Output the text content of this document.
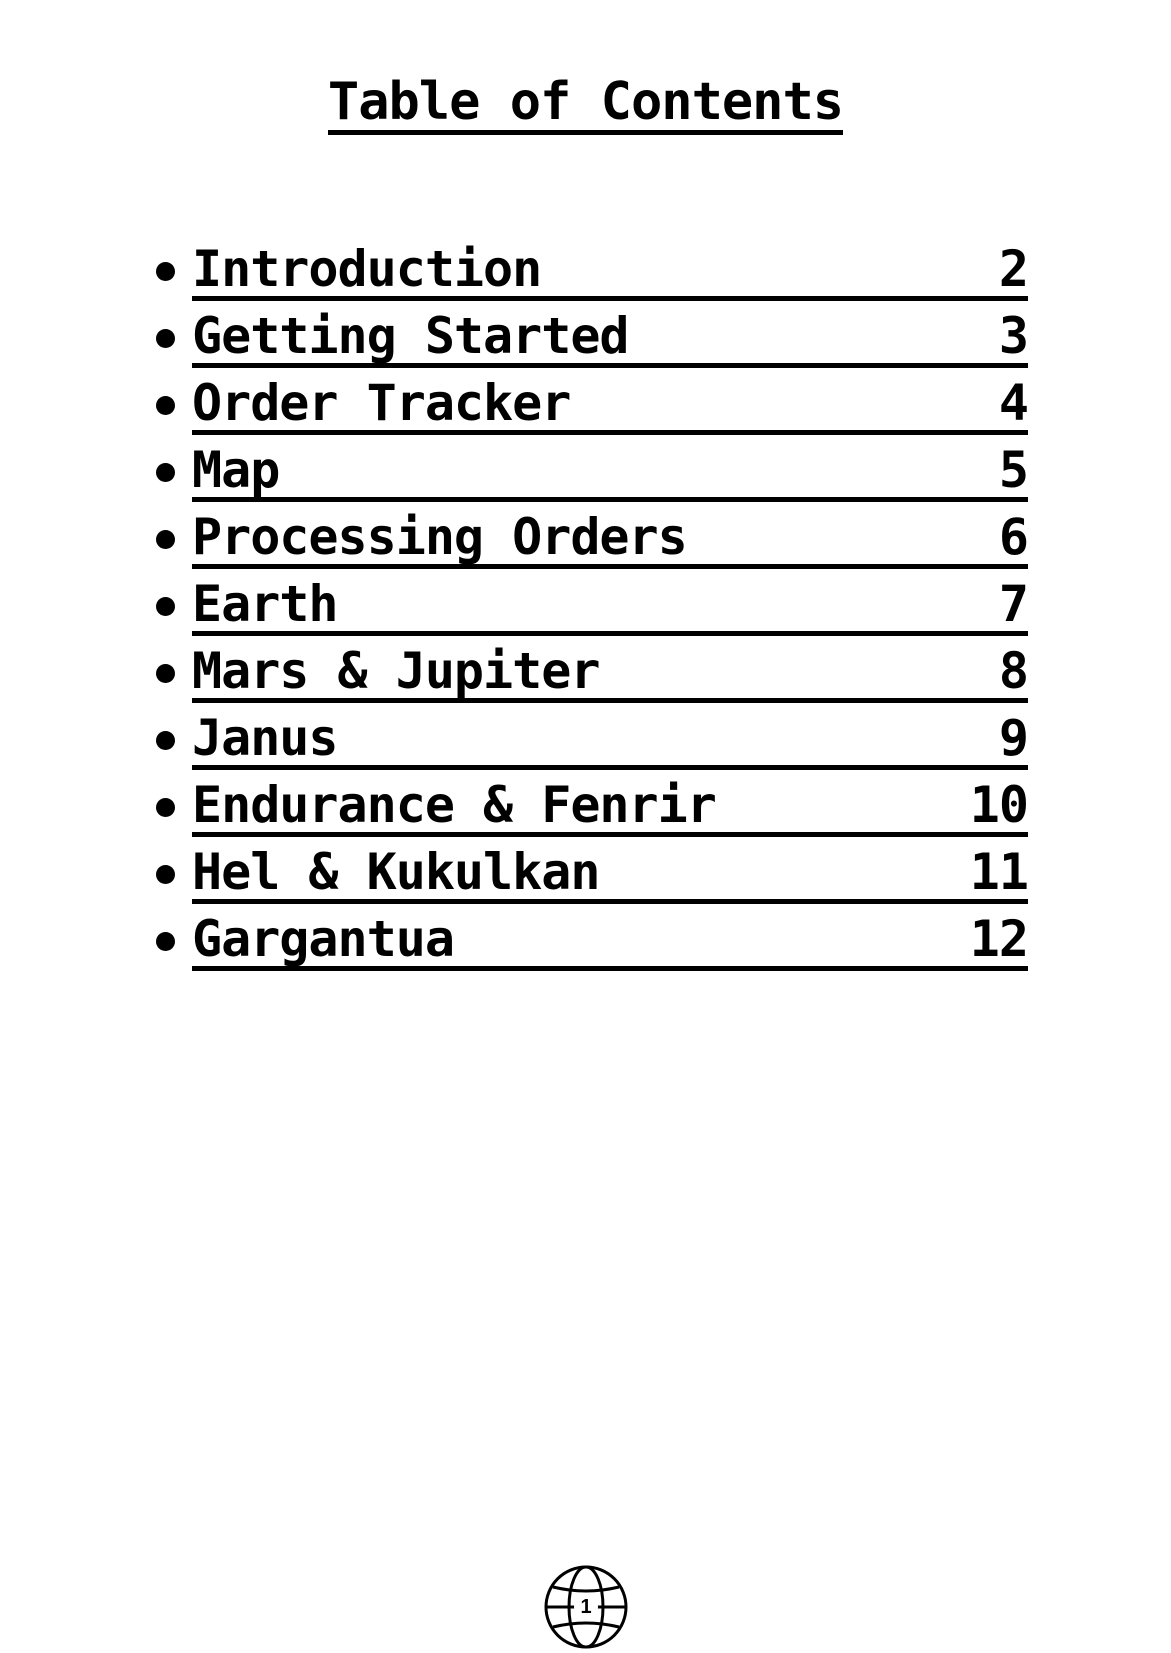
Table of Contents
Introduction	2
Getting Started	3
Order Tracker	4
Map	5
Processing Orders	6
Earth	7
Mars & Jupiter	8
Janus	9
Endurance & Fenrir	10
Hel & Kukulkan	11
Gargantua	12
1
